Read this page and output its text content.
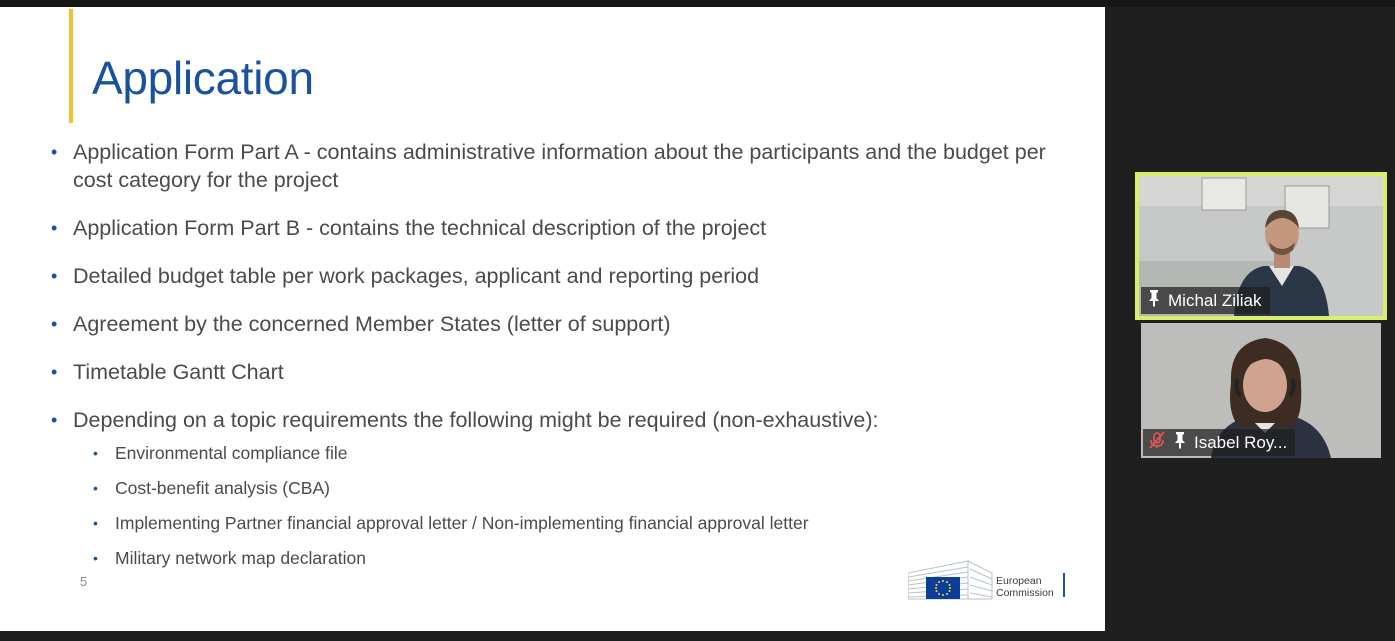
Application
• Application Form Part A - contains administrative information about the participants and the budget per cost category for the project
• Application Form Part B - contains the technical description of the project
• Detailed budget table per work packages, applicant and reporting period
• Agreement by the concerned Member States (letter of support)
• Timetable Gantt Chart
• Depending on a topic requirements the following might be required (non-exhaustive):
• Environmental compliance file
• Cost-benefit analysis (CBA)
• Implementing Partner financial approval letter / Non-implementing financial approval letter
• Military network map declaration
5	European
Commission
Michal Ziliak
Isabel Roy...
